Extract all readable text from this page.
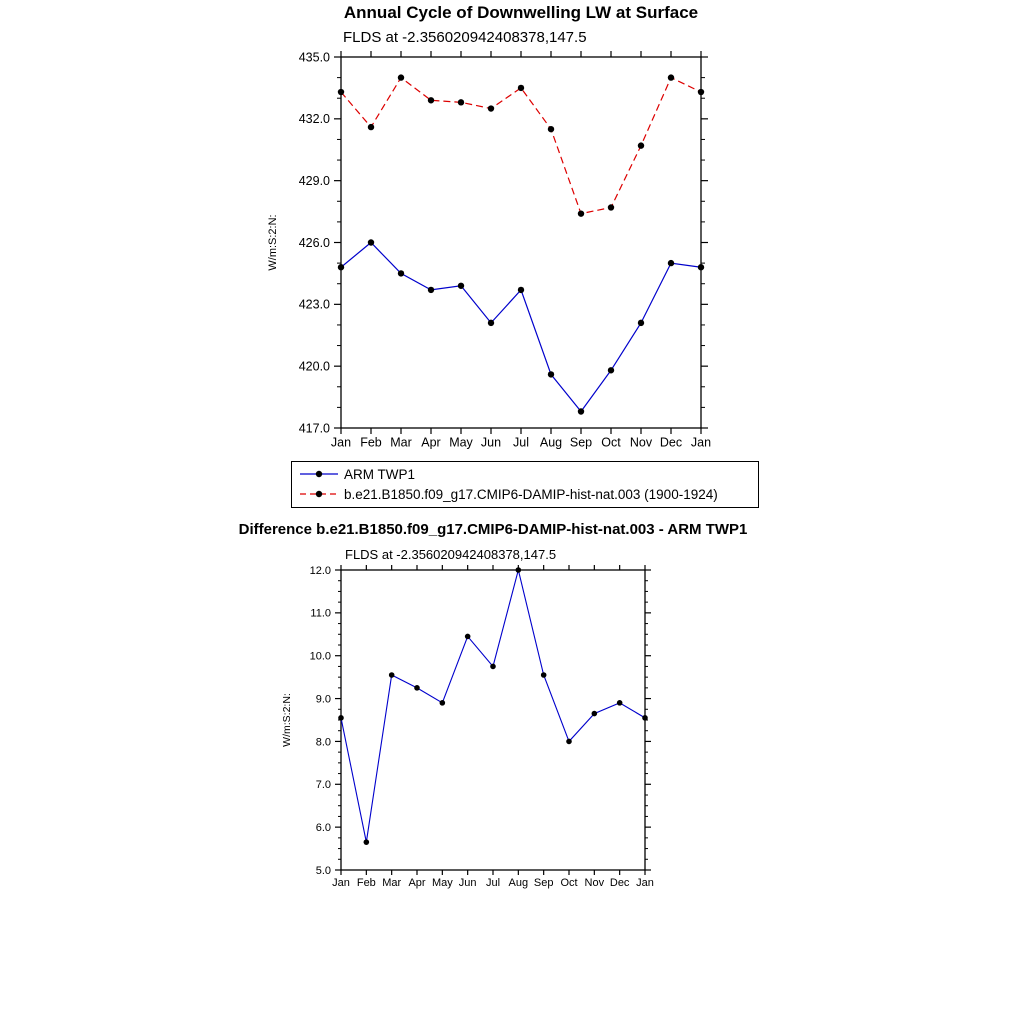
Annual Cycle of Downwelling LW at Surface
FLDS at -2.356020942408378,147.5
417.0
420.0
423.0
426.0
429.0
432.0
435.0
Jan Feb Mar Apr May Jun Jul Aug Sep Oct Nov Dec Jan
W/m:S:2:N:
ARM TWP1
b.e21.B1850.f09_g17.CMIP6-DAMIP-hist-nat.003 (1900-1924)
Difference b.e21.B1850.f09_g17.CMIP6-DAMIP-hist-nat.003 - ARM TWP1
FLDS at -2.356020942408378,147.5
5.0
6.0
7.0
8.0
9.0
10.0
11.0
12.0
Jan Feb Mar Apr May Jun Jul Aug Sep Oct Nov Dec Jan
W/m:S:2:N:
